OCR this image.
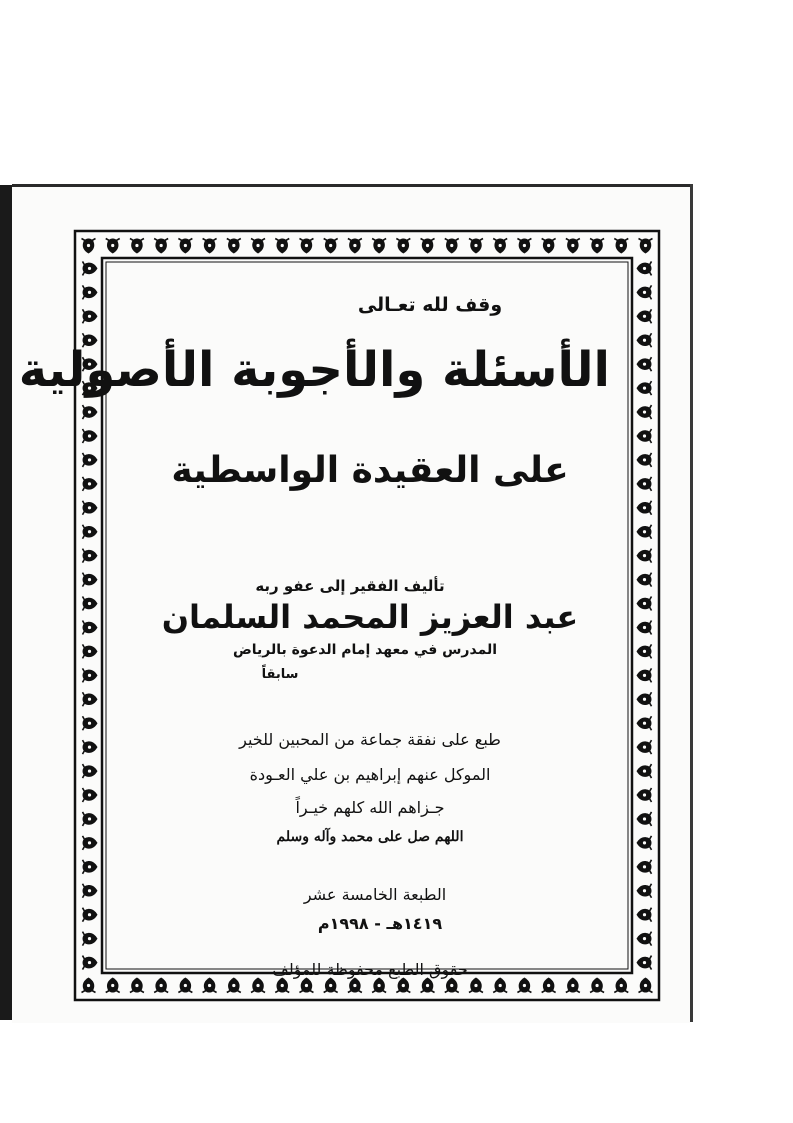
وقف لله تعـالى
الأسئلة والأجوبة الأصولية
على العقيدة الواسطية
تأليف الفقير إلى عفو ربه
عبد العزيز المحمد السلمان
المدرس في معهد إمام الدعوة بالرياض
سابقاً
طبع على نفقة جماعة من المحبين للخير
الموكل عنهم إبراهيم بن علي العـودة
جـزاهم الله كلهم خيـراً
اللهم صل على محمد وآله وسلم
الطبعة الخامسة عشر
١٤١٩هـ - ١٩٩٨م
حقوق الطبع محفوظة للمؤلف
